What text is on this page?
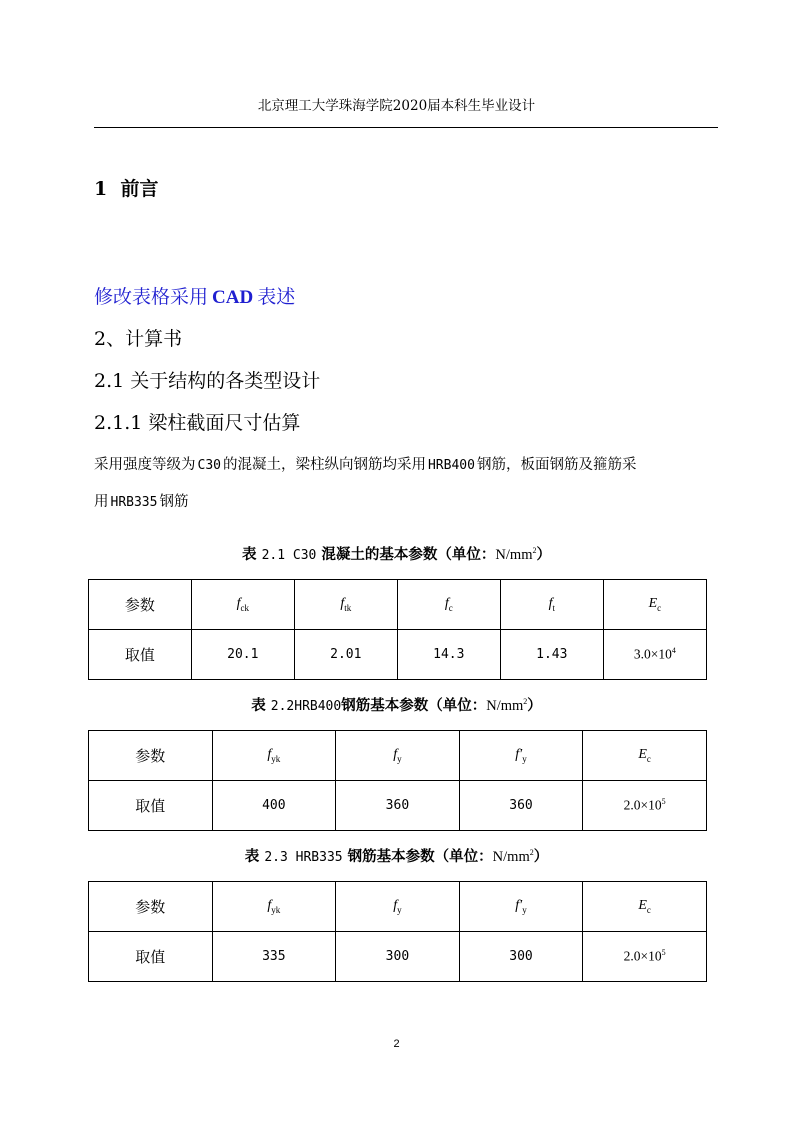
北京理工大学珠海学院2020届本科生毕业设计
1  前言
修改表格采用 CAD 表述
2、计算书
2.1 关于结构的各类型设计
2.1.1 梁柱截面尺寸估算
采用强度等级为 C30 的混凝土，梁柱纵向钢筋均采用 HRB400 钢筋，板面钢筋及箍筋采
用 HRB335 钢筋
表 2.1 C30 混凝土的基本参数（单位：$N/mm^2$）
参数	$f_{ck}$	$f_{tk}$	$f_c$	$f_t$	$E_c$
取值	20.1	2.01	14.3	1.43	$3.0\times 10^4$
表 2.2HRB400钢筋基本参数（单位：$N/mm^2$）
参数	$f_{yk}$	$f_y$	$f'_y$	$E_c$
取值	400	360	360	$2.0\times 10^5$
表 2.3 HRB335 钢筋基本参数（单位：$N/mm^2$）
参数	$f_{yk}$	$f_y$	$f'_y$	$E_c$
取值	335	300	300	$2.0\times 10^5$
2
